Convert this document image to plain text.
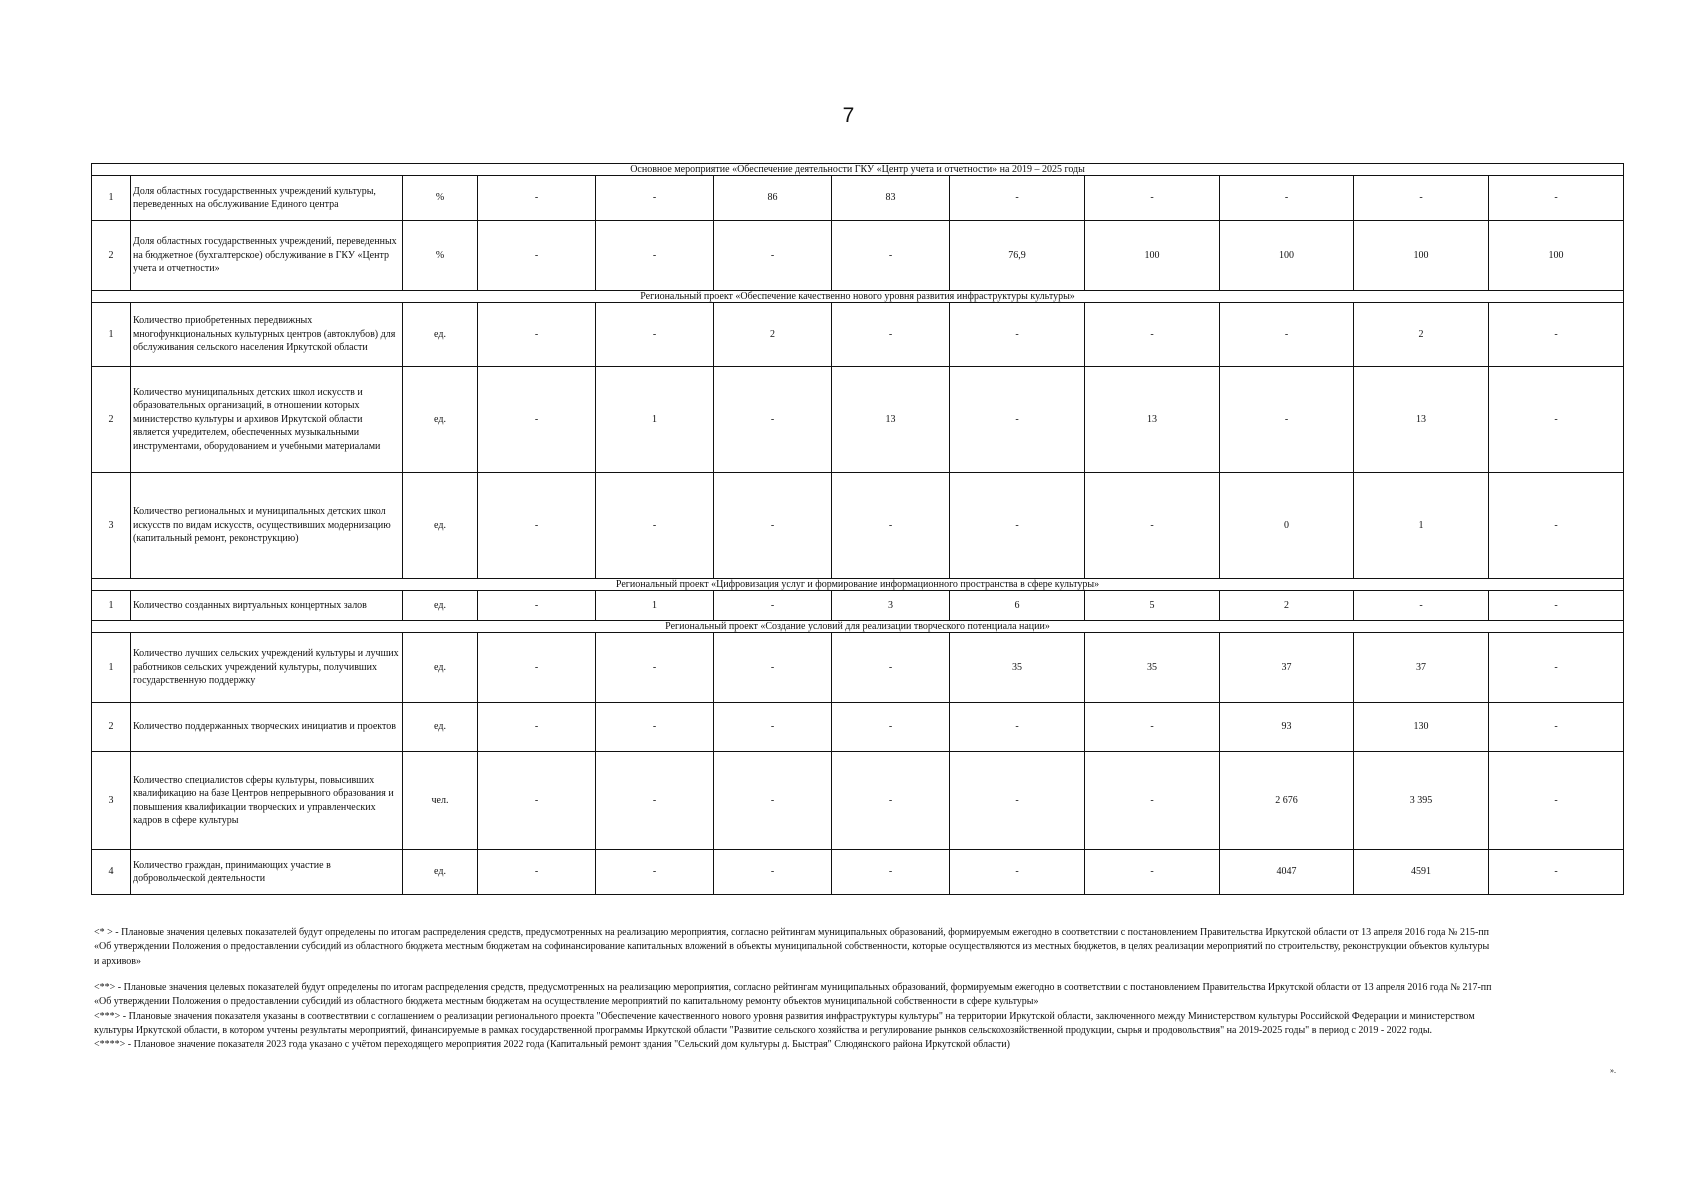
7
Основное мероприятие «Обеспечение деятельности ГКУ «Центр учета и отчетности» на 2019 – 2025 годы											
1	Доля областных государственных учреждений культуры, переведенных на обслуживание Единого центра	%	-	-	86	83	-	-	-	-	-
2	Доля областных государственных учреждений, переведенных на бюджетное (бухгалтерское) обслуживание в ГКУ «Центр учета и отчетности»	%	-	-	-	-	76,9	100	100	100	100
Региональный проект «Обеспечение качественно нового уровня развития инфраструктуры культуры»											
1	Количество приобретенных передвижных многофункциональных культурных центров (автоклубов) для обслуживания сельского населения Иркутской области	ед.	-	-	2	-	-	-	-	2	-
2	Количество муниципальных детских школ искусств и образовательных организаций, в отношении которых министерство культуры и архивов Иркутской области является учредителем, обеспеченных музыкальными инструментами, оборудованием и учебными материалами	ед.	-	1	-	13	-	13	-	13	-
3	Количество региональных и муниципальных детских школ искусств по видам искусств, осуществивших модернизацию (капитальный ремонт, реконструкцию)	ед.	-	-	-	-	-	-	0	1	-
Региональный проект «Цифровизация услуг и формирование информационного пространства в сфере культуры»											
1	Количество созданных виртуальных концертных залов	ед.	-	1	-	3	6	5	2	-	-
Региональный проект «Создание условий для реализации творческого потенциала нации»											
1	Количество лучших сельских учреждений культуры и лучших работников сельских учреждений культуры, получивших государственную поддержку	ед.	-	-	-	-	35	35	37	37	-
2	Количество поддержанных творческих инициатив и проектов	ед.	-	-	-	-	-	-	93	130	-
3	Количество специалистов сферы культуры, повысивших квалификацию на базе Центров непрерывного образования и повышения квалификации творческих и управленческих кадров в сфере культуры	чел.	-	-	-	-	-	-	2 676	3 395	-
4	Количество граждан, принимающих участие в добровольческой деятельности	ед.	-	-	-	-	-	-	4047	4591	-

<* > - Плановые значения целевых показателей будут определены по итогам распределения средств, предусмотренных на реализацию мероприятия, согласно рейтингам муниципальных образований, формируемым ежегодно в соответствии с постановлением Правительства Иркутской области от 13 апреля 2016 года № 215-пп «Об утверждении Положения о предоставлении субсидий из областного бюджета местным бюджетам на софинансирование капитальных вложений в объекты муниципальной собственности, которые осуществляются из местных бюджетов, в целях реализации мероприятий по строительству, реконструкции объектов культуры и архивов»

<**> - Плановые значения целевых показателей будут определены по итогам распределения средств, предусмотренных на реализацию мероприятия, согласно рейтингам муниципальных образований, формируемым ежегодно в соответствии с постановлением Правительства Иркутской области от 13 апреля 2016 года № 217-пп «Об утверждении Положения о предоставлении субсидий из областного бюджета местным бюджетам на осуществление мероприятий по капитальному ремонту объектов муниципальной собственности в сфере культуры»

<***> - Плановые значения показателя указаны в соотвествтвии с соглашением о реализации регионального проекта "Обеспечение качественного нового уровня развития инфраструктуры культуры" на территории Иркутской области, заключенного между Министерством культуры Российской Федерации и министерством культуры Иркутской области, в котором учтены результаты мероприятий, финансируемые в рамках государственной программы Иркутской области "Развитие сельского хозяйства и регулирование рынков сельскохозяйственной продукции, сырья и продовольствия" на 2019-2025 годы" в период с 2019 - 2022 годы.

<****> - Плановое значение показателя 2023 года указано с учётом переходящего мероприятия 2022 года (Капитальный ремонт здания "Сельский дом культуры д. Быстрая" Слюдянского района Иркутской области)

».
